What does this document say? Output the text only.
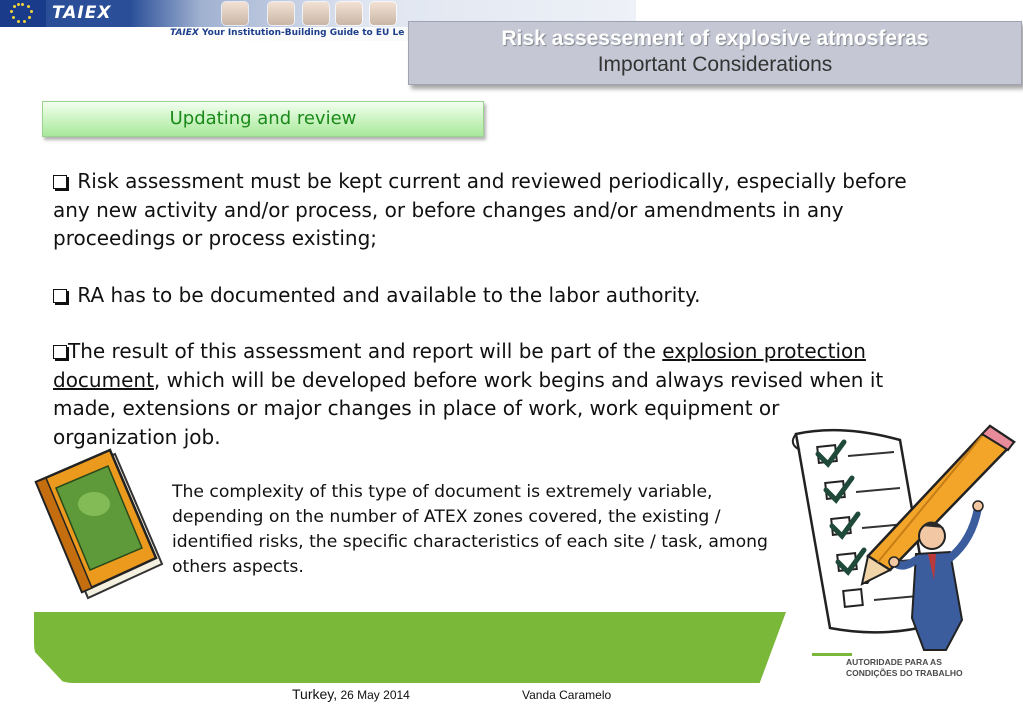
TAIEX
TAIEX Your Institution-Building Guide to EU Le	Risk assessement of explosive atmosferas
Important Considerations
Updating and review
Risk assessment must be kept current and reviewed periodically, especially before any new activity and/or process, or before changes and/or amendments in any proceedings or process existing;
RA has to be documented and available to the labor authority.
The result of this assessment and report will be part of the explosion protection document, which will be developed before work begins and always revised when it made, extensions or major changes in place of work, work equipment or organization job.
The complexity of this type of document is extremely variable, depending on the number of ATEX zones covered, the existing / identified risks, the specific characteristics of each site / task, among others aspects.
Turkey, 26 May 2014	Vanda Caramelo
AUTORIDADE PARA AS
CONDIÇÕES DO TRABALHO
